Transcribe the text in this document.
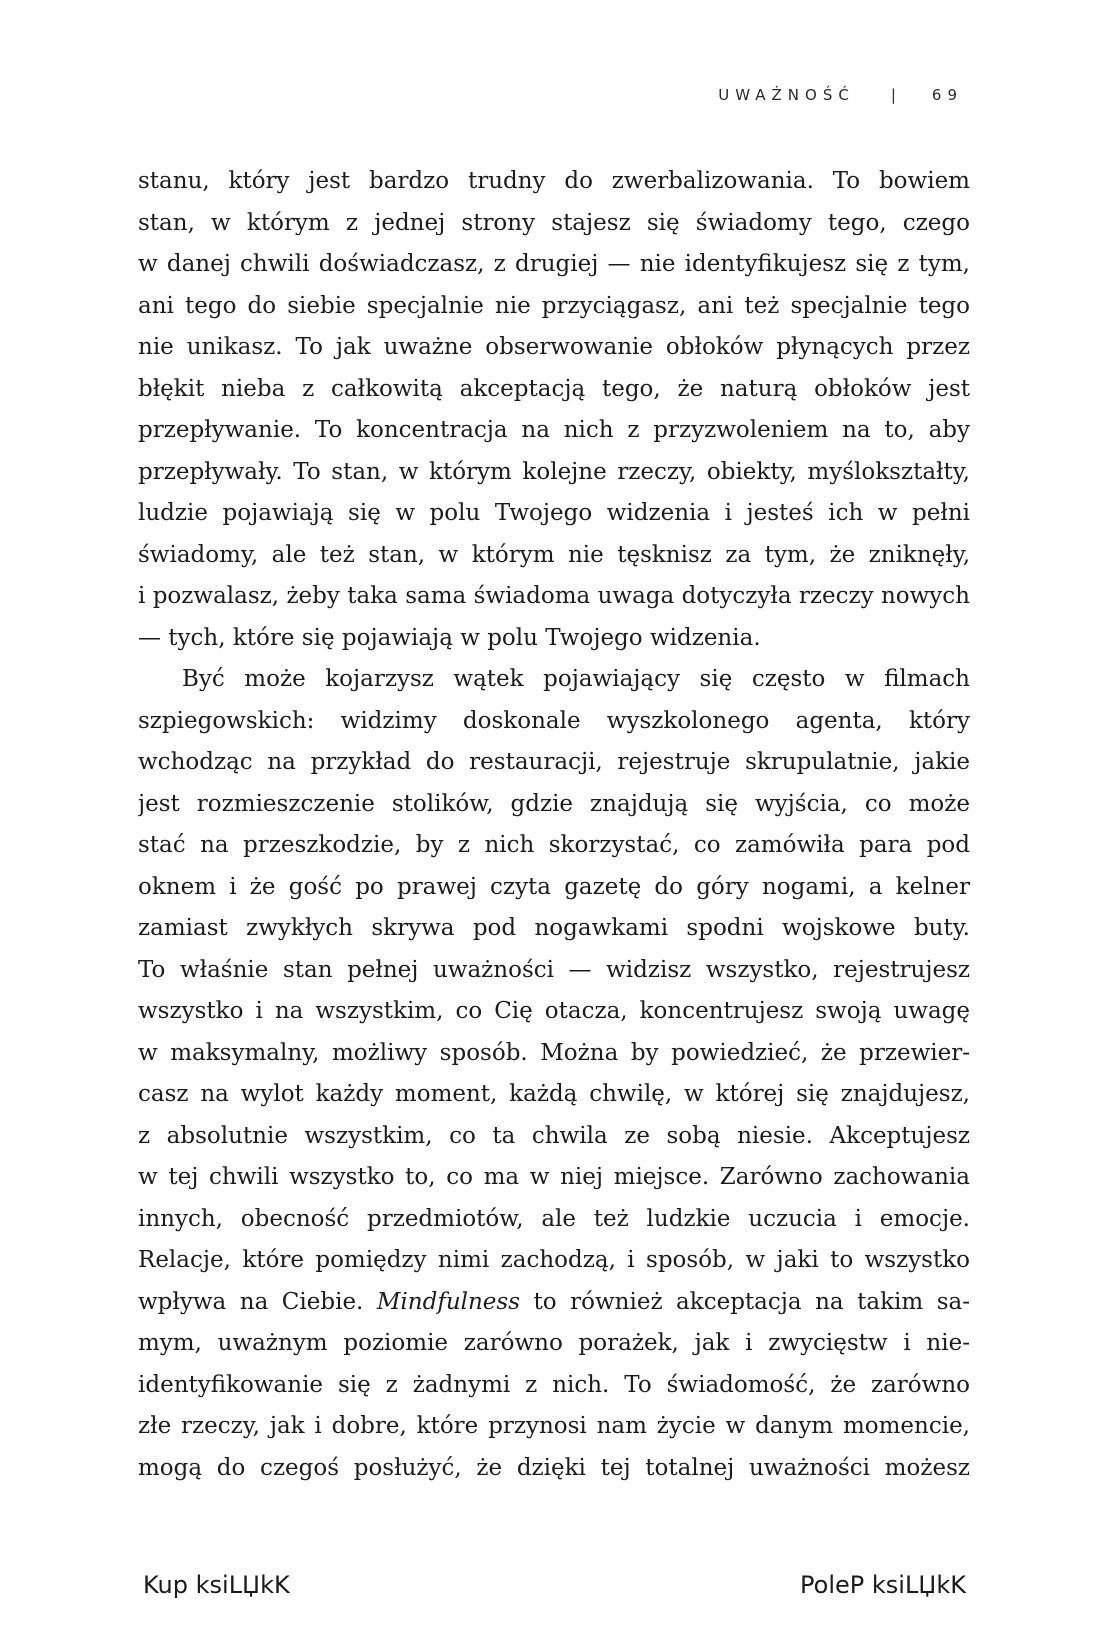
UWAŻNOŚĆ | 69
stanu, który jest bardzo trudny do zwerbalizowania. To bowiem
stan, w którym z jednej strony stajesz się świadomy tego, czego
w danej chwili doświadczasz, z drugiej — nie identyfikujesz się z tym,
ani tego do siebie specjalnie nie przyciągasz, ani też specjalnie tego
nie unikasz. To jak uważne obserwowanie obłoków płynących przez
błękit nieba z całkowitą akceptacją tego, że naturą obłoków jest
przepływanie. To koncentracja na nich z przyzwoleniem na to, aby
przepływały. To stan, w którym kolejne rzeczy, obiekty, myślokształty,
ludzie pojawiają się w polu Twojego widzenia i jesteś ich w pełni
świadomy, ale też stan, w którym nie tęsknisz za tym, że zniknęły,
i pozwalasz, żeby taka sama świadoma uwaga dotyczyła rzeczy nowych
— tych, które się pojawiają w polu Twojego widzenia.
Być może kojarzysz wątek pojawiający się często w filmach
szpiegowskich: widzimy doskonale wyszkolonego agenta, który
wchodząc na przykład do restauracji, rejestruje skrupulatnie, jakie
jest rozmieszczenie stolików, gdzie znajdują się wyjścia, co może
stać na przeszkodzie, by z nich skorzystać, co zamówiła para pod
oknem i że gość po prawej czyta gazetę do góry nogami, a kelner
zamiast zwykłych skrywa pod nogawkami spodni wojskowe buty.
To właśnie stan pełnej uważności — widzisz wszystko, rejestrujesz
wszystko i na wszystkim, co Cię otacza, koncentrujesz swoją uwagę
w maksymalny, możliwy sposób. Można by powiedzieć, że przewier-
casz na wylot każdy moment, każdą chwilę, w której się znajdujesz,
z absolutnie wszystkim, co ta chwila ze sobą niesie. Akceptujesz
w tej chwili wszystko to, co ma w niej miejsce. Zarówno zachowania
innych, obecność przedmiotów, ale też ludzkie uczucia i emocje.
Relacje, które pomiędzy nimi zachodzą, i sposób, w jaki to wszystko
wpływa na Ciebie. Mindfulness to również akceptacja na takim sa-
mym, uważnym poziomie zarówno porażek, jak i zwycięstw i nie-
identyfikowanie się z żadnymi z nich. To świadomość, że zarówno
złe rzeczy, jak i dobre, które przynosi nam życie w danym momencie,
mogą do czegoś posłużyć, że dzięki tej totalnej uważności możesz
Kup ksiLЏkK	PoleP ksiLЏkK
